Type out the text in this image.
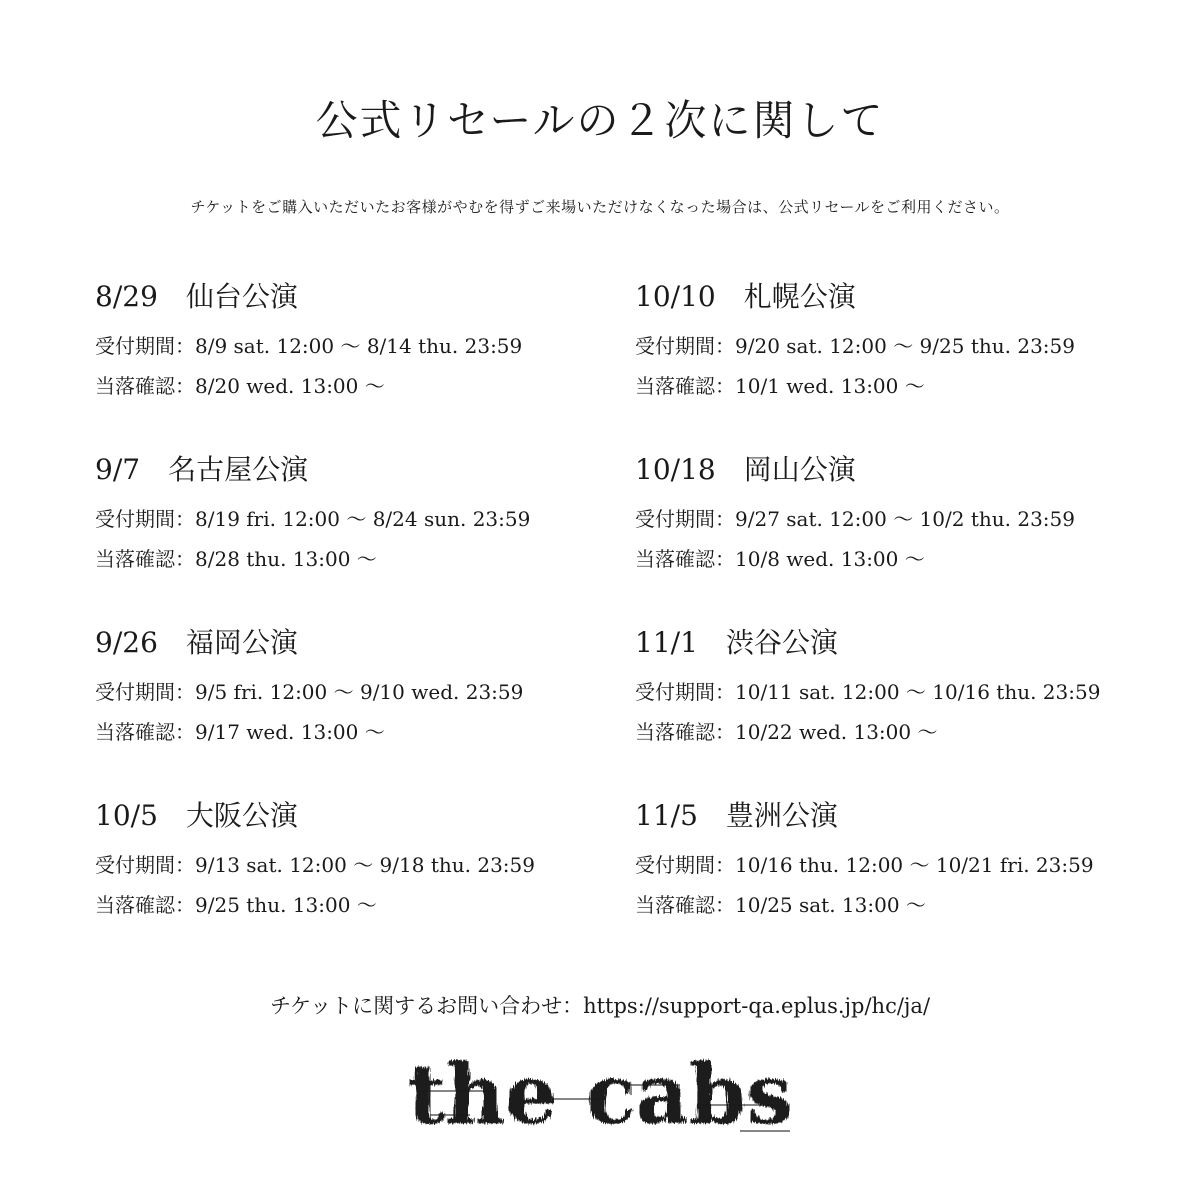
公式リセールの２次に関して
チケットをご購入いただいたお客様がやむを得ずご来場いただけなくなった場合は、公式リセールをご利用ください。
8/29 仙台公演
受付期間：8/9 sat. 12:00 〜 8/14 thu. 23:59
当落確認：8/20 wed. 13:00 〜
9/7 名古屋公演
受付期間：8/19 fri. 12:00 〜 8/24 sun. 23:59
当落確認：8/28 thu. 13:00 〜
9/26 福岡公演
受付期間：9/5 fri. 12:00 〜 9/10 wed. 23:59
当落確認：9/17 wed. 13:00 〜
10/5 大阪公演
受付期間：9/13 sat. 12:00 〜 9/18 thu. 23:59
当落確認：9/25 thu. 13:00 〜
10/10 札幌公演
受付期間：9/20 sat. 12:00 〜 9/25 thu. 23:59
当落確認：10/1 wed. 13:00 〜
10/18 岡山公演
受付期間：9/27 sat. 12:00 〜 10/2 thu. 23:59
当落確認：10/8 wed. 13:00 〜
11/1 渋谷公演
受付期間：10/11 sat. 12:00 〜 10/16 thu. 23:59
当落確認：10/22 wed. 13:00 〜
11/5 豊洲公演
受付期間：10/16 thu. 12:00 〜 10/21 fri. 23:59
当落確認：10/25 sat. 13:00 〜
チケットに関するお問い合わせ：https://support-qa.eplus.jp/hc/ja/
the cabs
